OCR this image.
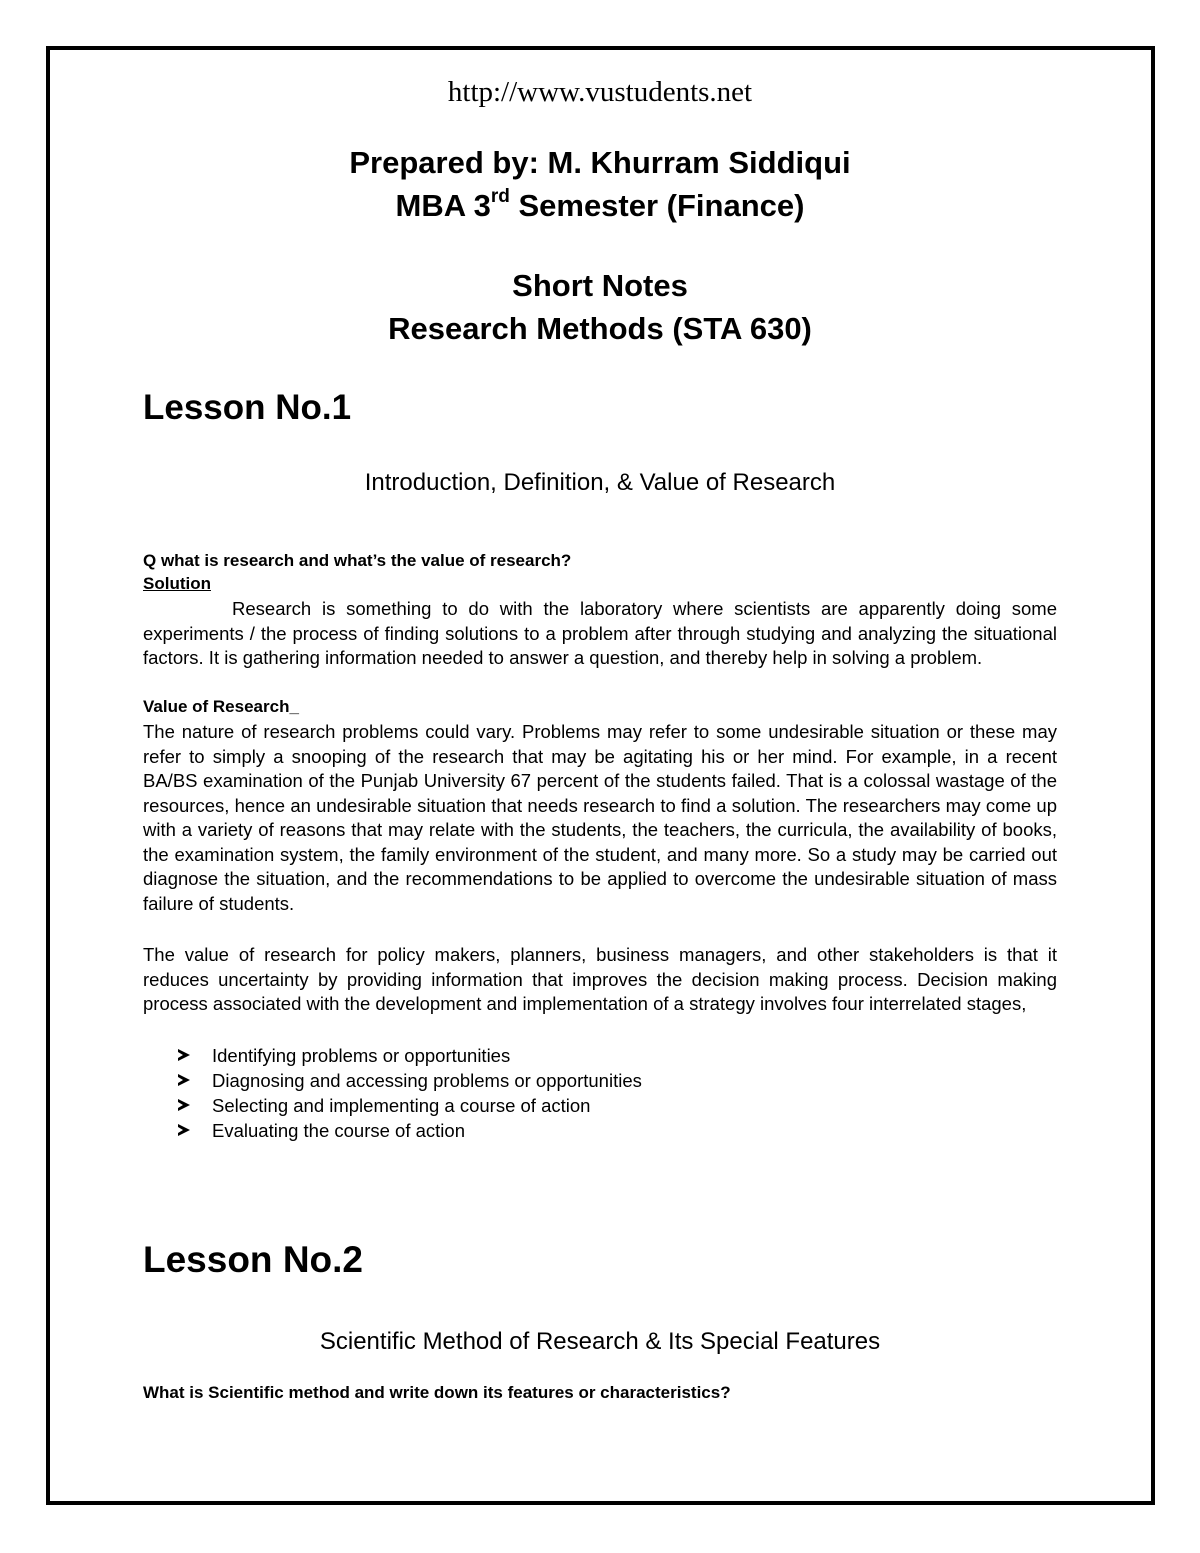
http://www.vustudents.net
Prepared by: M. Khurram Siddiqui
MBA 3rd Semester (Finance)
Short Notes
Research Methods (STA 630)
Lesson No.1
Introduction, Definition, & Value of Research
Q what is research and what’s the value of research?
Solution

Research is something to do with the laboratory where scientists are apparently doing some experiments / the process of finding solutions to a problem after through studying and analyzing the situational factors. It is gathering information needed to answer a question, and thereby help in solving a problem.

Value of Research_

The nature of research problems could vary. Problems may refer to some undesirable situation or these may refer to simply a snooping of the research that may be agitating his or her mind. For example, in a recent BA/BS examination of the Punjab University 67 percent of the students failed. That is a colossal wastage of the resources, hence an undesirable situation that needs research to find a solution. The researchers may come up with a variety of reasons that may relate with the students, the teachers, the curricula, the availability of books, the examination system, the family environment of the student, and many more. So a study may be carried out diagnose the situation, and the recommendations to be applied to overcome the undesirable situation of mass failure of students.

The value of research for policy makers, planners, business managers, and other stakeholders is that it reduces uncertainty by providing information that improves the decision making process. Decision making process associated with the development and implementation of a strategy involves four interrelated stages,

Identifying problems or opportunities
Diagnosing and accessing problems or opportunities
Selecting and implementing a course of action
Evaluating the course of action
Lesson No.2
Scientific Method of Research & Its Special Features
What is Scientific method and write down its features or characteristics?
